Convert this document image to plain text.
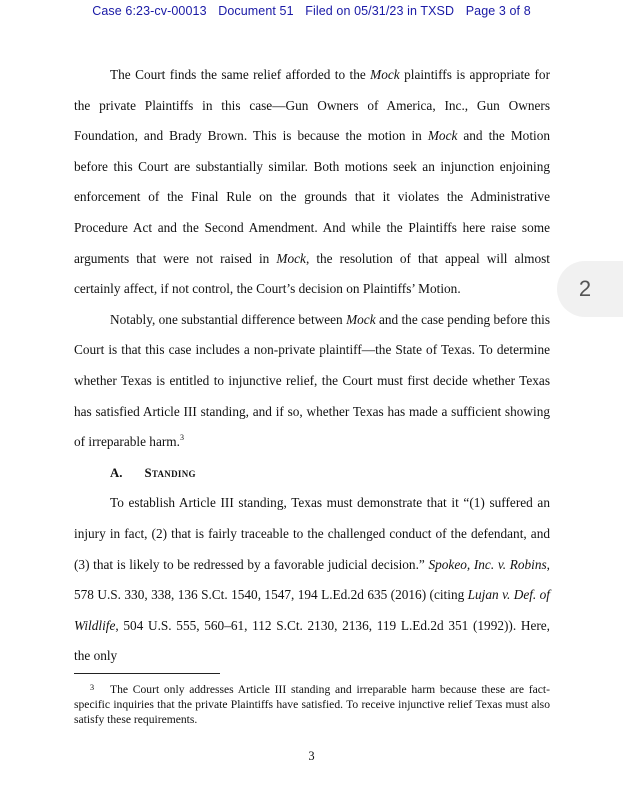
Case 6:23-cv-00013 Document 51 Filed on 05/31/23 in TXSD Page 3 of 8
2

The Court finds the same relief afforded to the Mock plaintiffs is appropriate for the private Plaintiffs in this case—Gun Owners of America, Inc., Gun Owners Foundation, and Brady Brown. This is because the motion in Mock and the Motion before this Court are substantially similar. Both motions seek an injunction enjoining enforcement of the Final Rule on the grounds that it violates the Administrative Procedure Act and the Second Amendment. And while the Plaintiffs here raise some arguments that were not raised in Mock, the resolution of that appeal will almost certainly affect, if not control, the Court’s decision on Plaintiffs’ Motion.

Notably, one substantial difference between Mock and the case pending before this Court is that this case includes a non-private plaintiff—the State of Texas. To determine whether Texas is entitled to injunctive relief, the Court must first decide whether Texas has satisfied Article III standing, and if so, whether Texas has made a sufficient showing of irreparable harm.$^3$

A. Standing

To establish Article III standing, Texas must demonstrate that it “(1) suffered an injury in fact, (2) that is fairly traceable to the challenged conduct of the defendant, and (3) that is likely to be redressed by a favorable judicial decision.” Spokeo, Inc. v. Robins, 578 U.S. 330, 338, 136 S.Ct. 1540, 1547, 194 L.Ed.2d 635 (2016) (citing Lujan v. Def. of Wildlife, 504 U.S. 555, 560–61, 112 S.Ct. 2130, 2136, 119 L.Ed.2d 351 (1992)). Here, the only

3 The Court only addresses Article III standing and irreparable harm because these are fact-specific inquiries that the private Plaintiffs have satisfied. To receive injunctive relief Texas must also satisfy these requirements.
3
